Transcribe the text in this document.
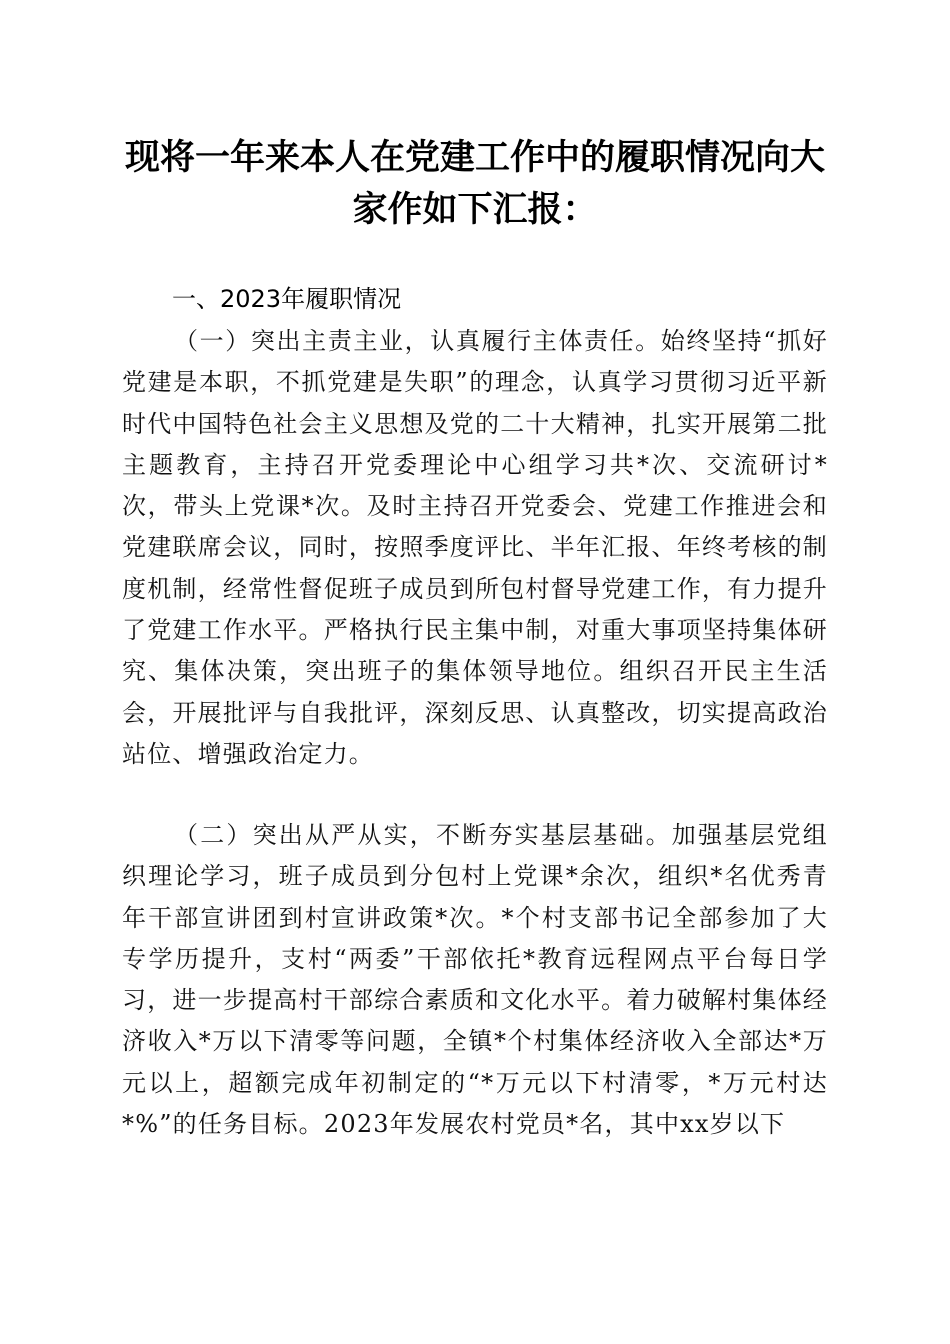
现将一年来本人在党建工作中的履职情况向大家作如下汇报：

一、2023年履职情况

（一）突出主责主业，认真履行主体责任。始终坚持“抓好党建是本职，不抓党建是失职”的理念，认真学习贯彻习近平新时代中国特色社会主义思想及党的二十大精神，扎实开展第二批主题教育，主持召开党委理论中心组学习共*次、交流研讨*次，带头上党课*次。及时主持召开党委会、党建工作推进会和党建联席会议，同时，按照季度评比、半年汇报、年终考核的制度机制，经常性督促班子成员到所包村督导党建工作，有力提升了党建工作水平。严格执行民主集中制，对重大事项坚持集体研究、集体决策，突出班子的集体领导地位。组织召开民主生活会，开展批评与自我批评，深刻反思、认真整改，切实提高政治站位、增强政治定力。

（二）突出从严从实，不断夯实基层基础。加强基层党组织理论学习，班子成员到分包村上党课*余次，组织*名优秀青年干部宣讲团到村宣讲政策*次。*个村支部书记全部参加了大专学历提升，支村“两委”干部依托*教育远程网点平台每日学习，进一步提高村干部综合素质和文化水平。着力破解村集体经济收入*万以下清零等问题，全镇*个村集体经济收入全部达*万元以上，超额完成年初制定的“*万元以下村清零，*万元村达*%”的任务目标。2023年发展农村党员*名，其中xx岁以下
